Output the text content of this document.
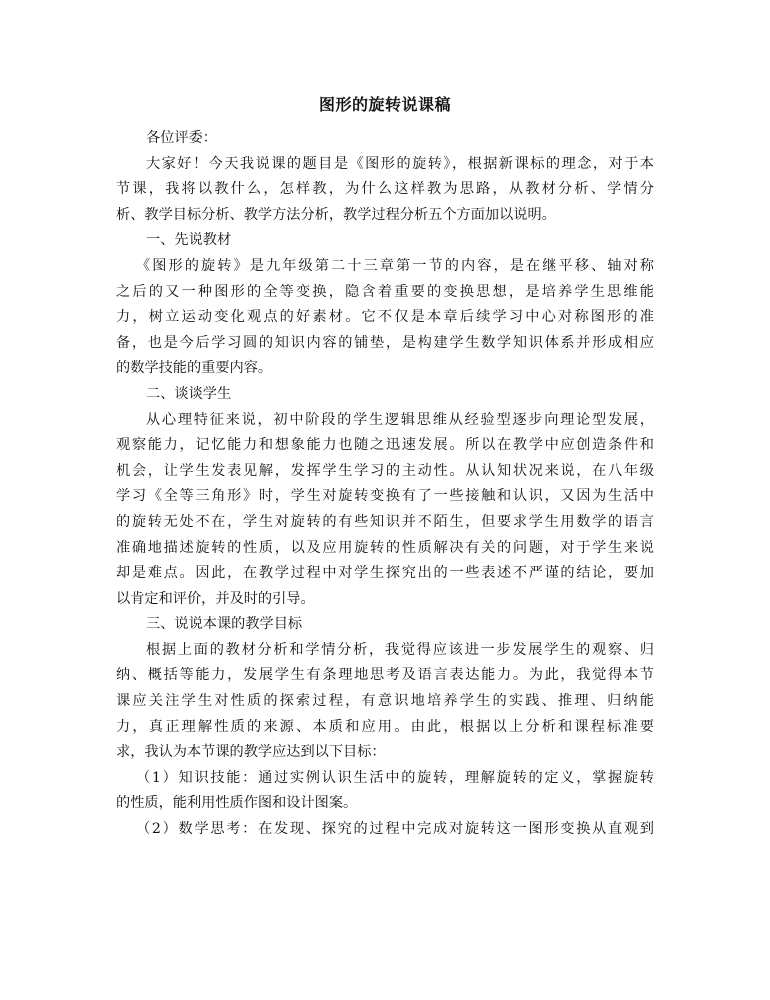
图形的旋转说课稿
各位评委：
大家好！今天我说课的题目是《图形的旋转》，根据新课标的理念，对于本
节课，我将以教什么，怎样教，为什么这样教为思路，从教材分析、学情分
析、教学目标分析、教学方法分析，教学过程分析五个方面加以说明。
一、先说教材
《图形的旋转》是九年级第二十三章第一节的内容，是在继平移、轴对称
之后的又一种图形的全等变换，隐含着重要的变换思想，是培养学生思维能
力，树立运动变化观点的好素材。它不仅是本章后续学习中心对称图形的准
备，也是今后学习圆的知识内容的铺垫，是构建学生数学知识体系并形成相应
的数学技能的重要内容。
二、谈谈学生
从心理特征来说，初中阶段的学生逻辑思维从经验型逐步向理论型发展，
观察能力，记忆能力和想象能力也随之迅速发展。所以在教学中应创造条件和
机会，让学生发表见解，发挥学生学习的主动性。从认知状况来说，在八年级
学习《全等三角形》时，学生对旋转变换有了一些接触和认识，又因为生活中
的旋转无处不在，学生对旋转的有些知识并不陌生，但要求学生用数学的语言
准确地描述旋转的性质，以及应用旋转的性质解决有关的问题，对于学生来说
却是难点。因此，在教学过程中对学生探究出的一些表述不严谨的结论，要加
以肯定和评价，并及时的引导。
三、说说本课的教学目标
根据上面的教材分析和学情分析，我觉得应该进一步发展学生的观察、归
纳、概括等能力，发展学生有条理地思考及语言表达能力。为此，我觉得本节
课应关注学生对性质的探索过程，有意识地培养学生的实践、推理、归纳能
力，真正理解性质的来源、本质和应用。由此，根据以上分析和课程标准要
求，我认为本节课的教学应达到以下目标：
（1）知识技能：通过实例认识生活中的旋转，理解旋转的定义，掌握旋转
的性质，能利用性质作图和设计图案。
（2）数学思考：在发现、探究的过程中完成对旋转这一图形变换从直观到
